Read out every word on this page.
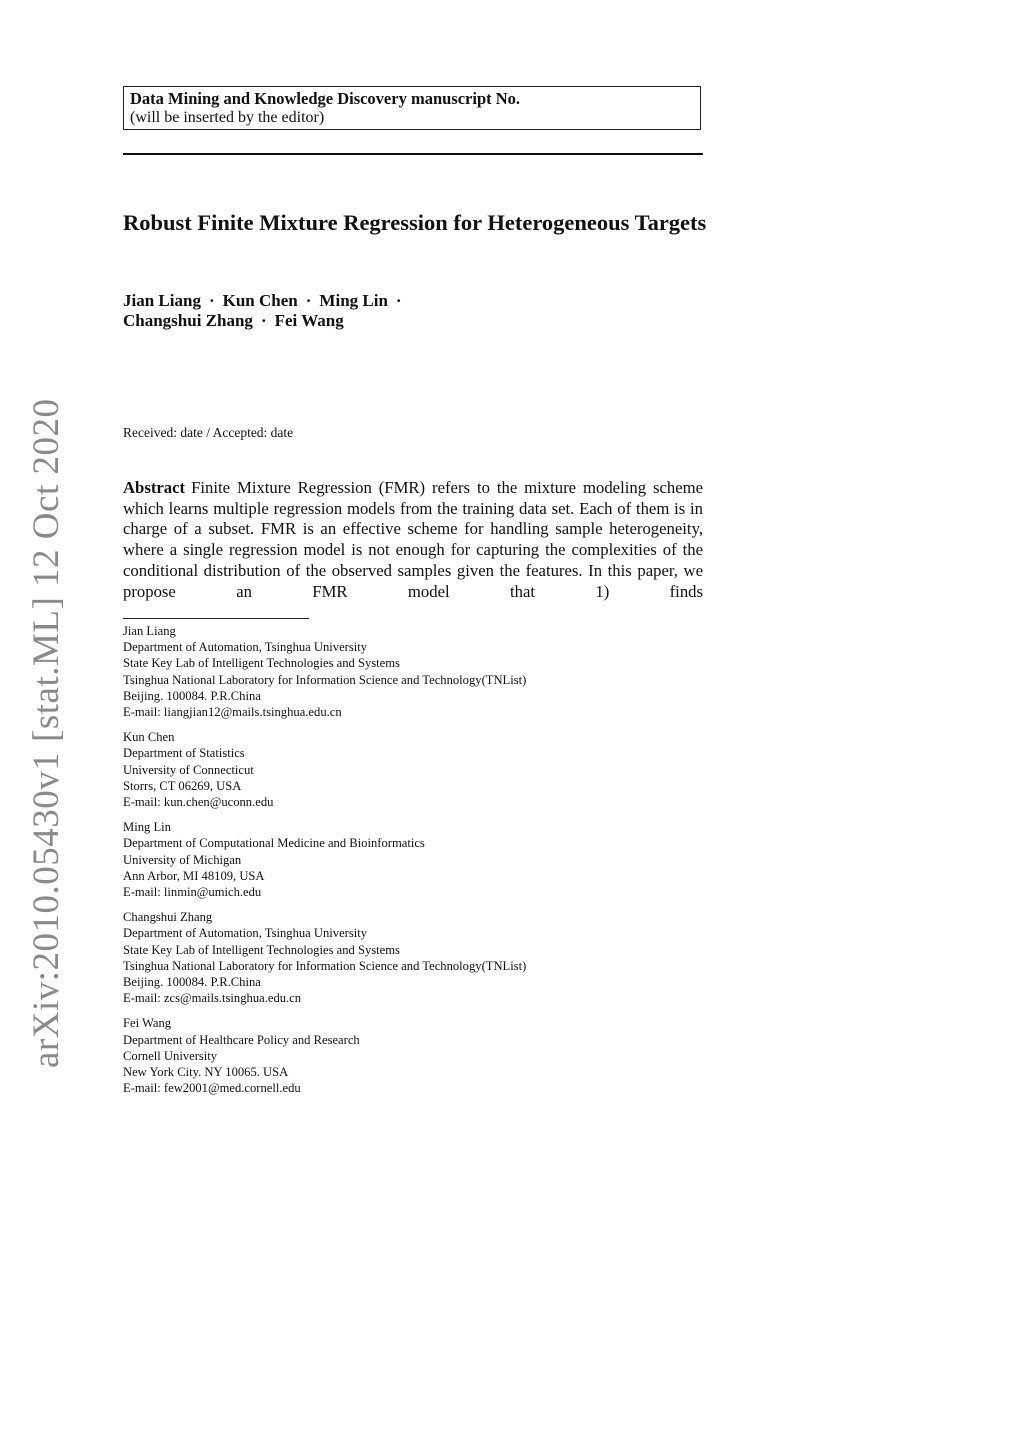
arXiv:2010.05430v1 [stat.ML] 12 Oct 2020
Data Mining and Knowledge Discovery manuscript No.
(will be inserted by the editor)
Robust Finite Mixture Regression for Heterogeneous Targets
Jian Liang · Kun Chen · Ming Lin ·
Changshui Zhang · Fei Wang
Received: date / Accepted: date

Abstract Finite Mixture Regression (FMR) refers to the mixture modeling scheme which learns multiple regression models from the training data set. Each of them is in charge of a subset. FMR is an effective scheme for handling sample heterogeneity, where a single regression model is not enough for capturing the complexities of the conditional distribution of the observed samples given the features. In this paper, we propose an FMR model that 1) finds

Jian Liang
Department of Automation, Tsinghua University
State Key Lab of Intelligent Technologies and Systems
Tsinghua National Laboratory for Information Science and Technology(TNList)
Beijing. 100084. P.R.China
E-mail: liangjian12@mails.tsinghua.edu.cn
Kun Chen
Department of Statistics
University of Connecticut
Storrs, CT 06269, USA
E-mail: kun.chen@uconn.edu
Ming Lin
Department of Computational Medicine and Bioinformatics
University of Michigan
Ann Arbor, MI 48109, USA
E-mail: linmin@umich.edu
Changshui Zhang
Department of Automation, Tsinghua University
State Key Lab of Intelligent Technologies and Systems
Tsinghua National Laboratory for Information Science and Technology(TNList)
Beijing. 100084. P.R.China
E-mail: zcs@mails.tsinghua.edu.cn
Fei Wang
Department of Healthcare Policy and Research
Cornell University
New York City. NY 10065. USA
E-mail: few2001@med.cornell.edu
